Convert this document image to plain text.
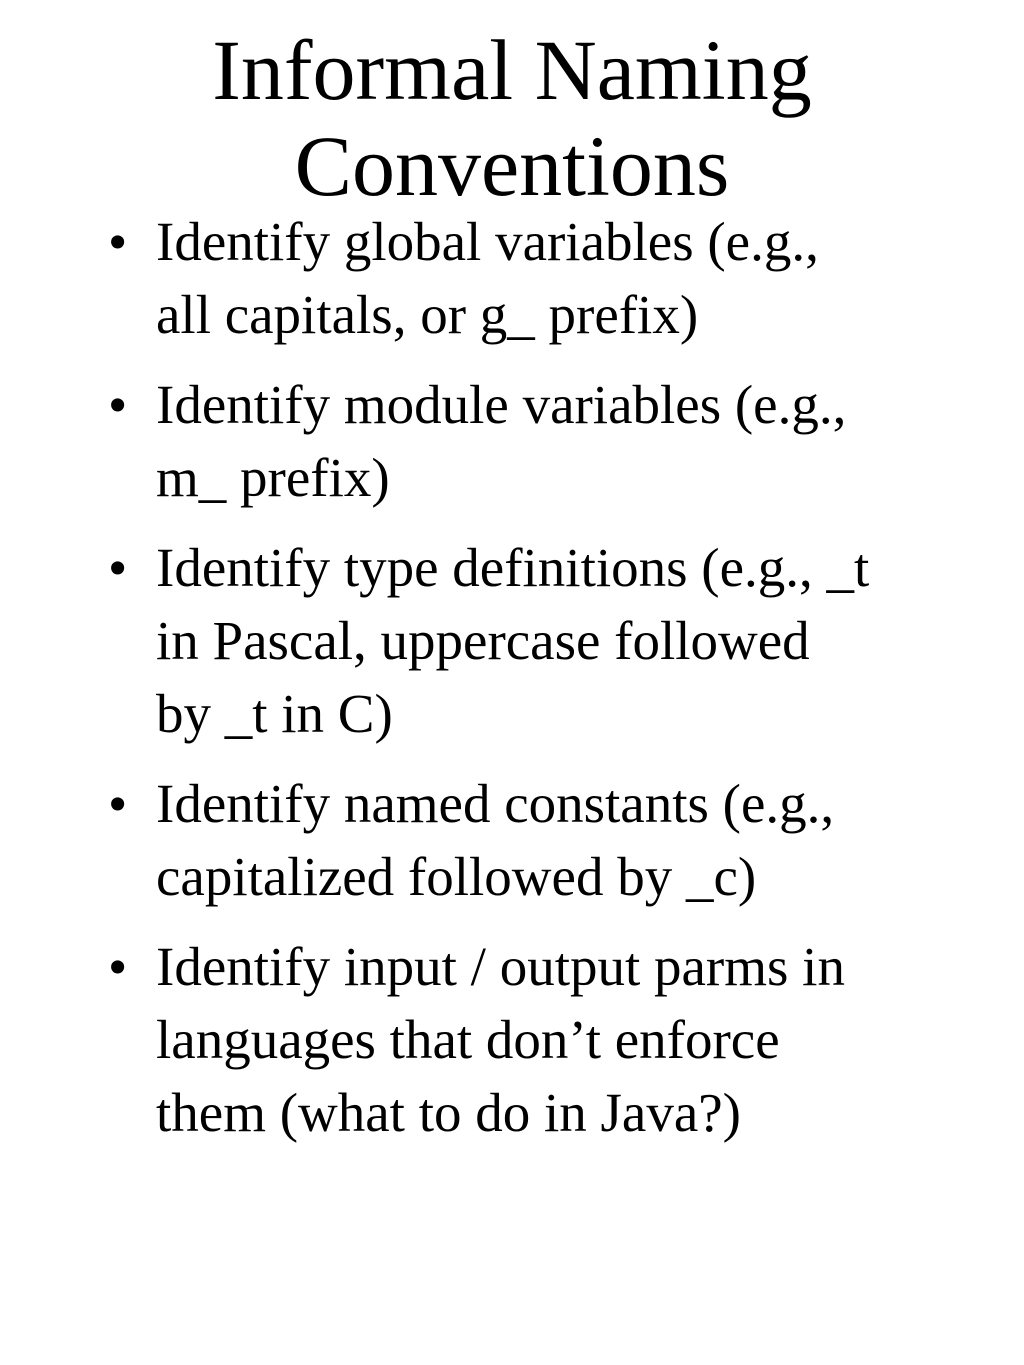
Informal Naming
Conventions
• Identify global variables (e.g.,
all capitals, or g_ prefix)
• Identify module variables (e.g.,
m_ prefix)
• Identify type definitions (e.g., _t
in Pascal, uppercase followed
by _t in C)
• Identify named constants (e.g.,
capitalized followed by _c)
• Identify input / output parms in
languages that don’t enforce
them (what to do in Java?)
